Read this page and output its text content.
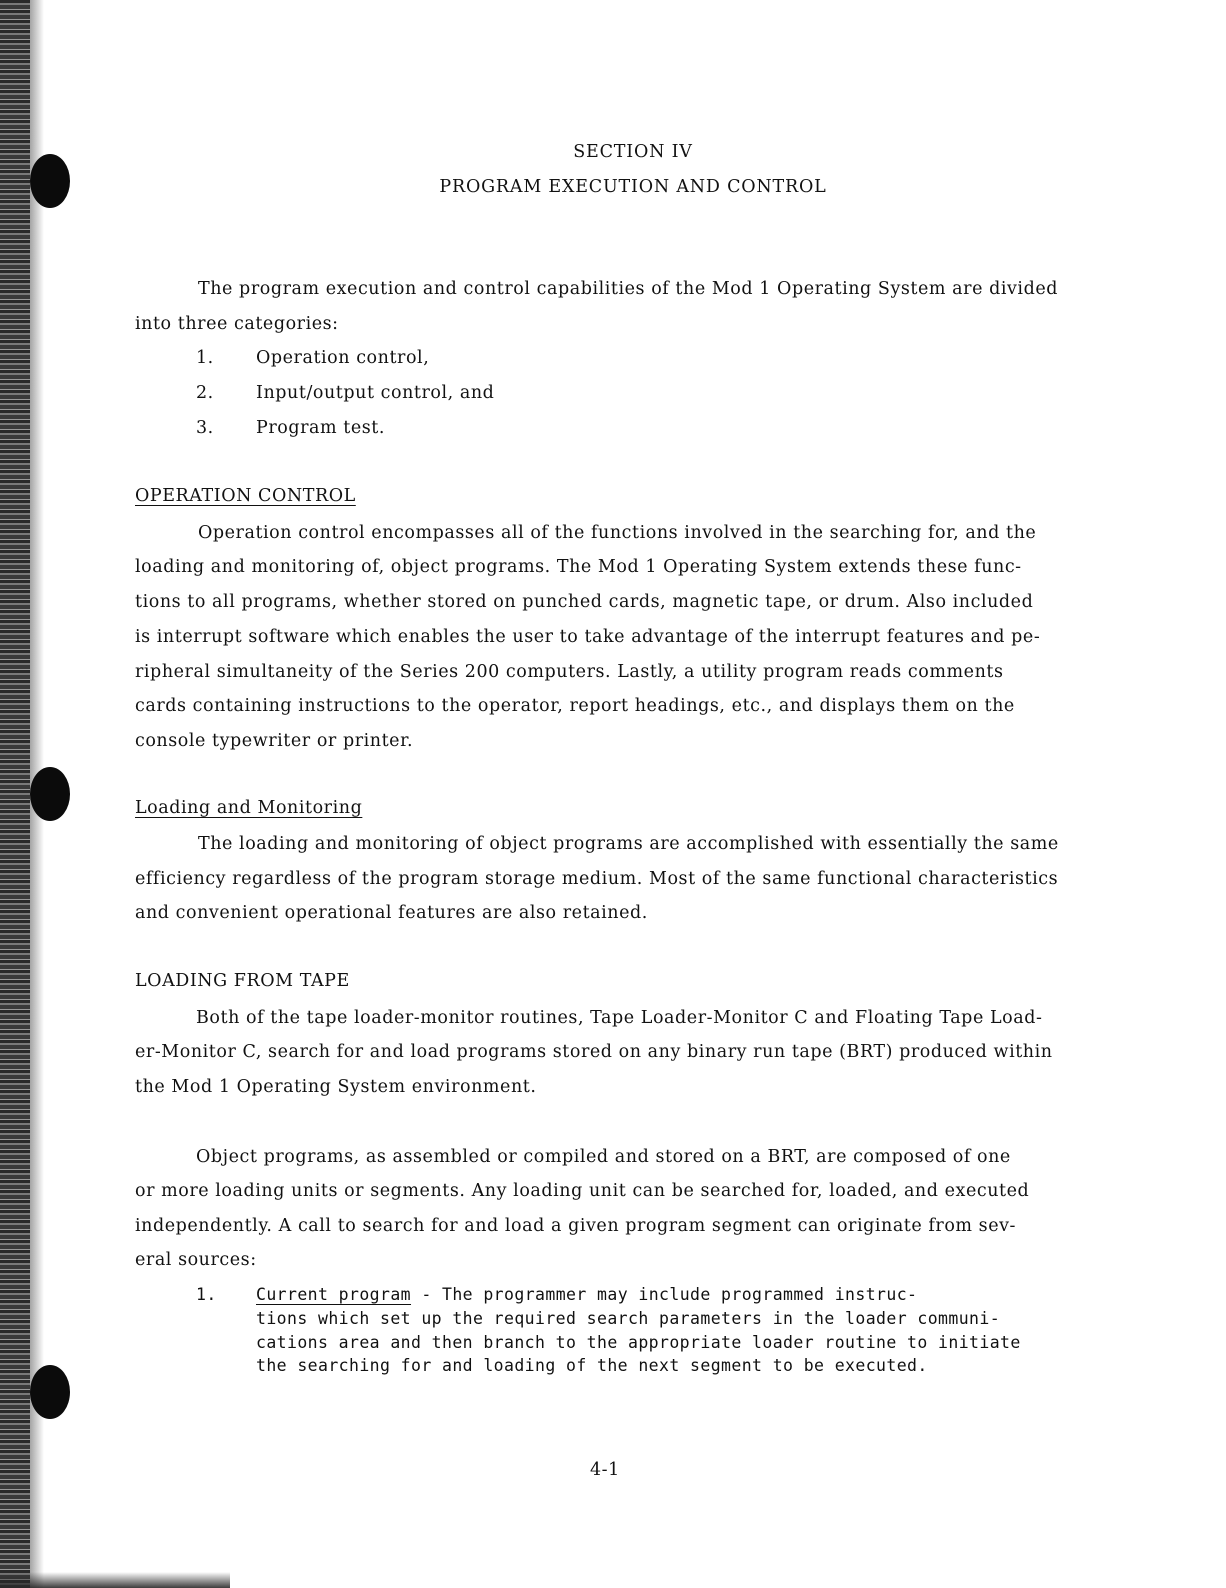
SECTION IV
PROGRAM EXECUTION AND CONTROL
The program execution and control capabilities of the Mod 1 Operating System are divided
into three categories:
1. Operation control,
2. Input/output control, and
3. Program test.
OPERATION CONTROL
Operation control encompasses all of the functions involved in the searching for, and the
loading and monitoring of, object programs. The Mod 1 Operating System extends these func-
tions to all programs, whether stored on punched cards, magnetic tape, or drum. Also included
is interrupt software which enables the user to take advantage of the interrupt features and pe-
ripheral simultaneity of the Series 200 computers. Lastly, a utility program reads comments
cards containing instructions to the operator, report headings, etc., and displays them on the
console typewriter or printer.
Loading and Monitoring
The loading and monitoring of object programs are accomplished with essentially the same
efficiency regardless of the program storage medium. Most of the same functional characteristics
and convenient operational features are also retained.
LOADING FROM TAPE
Both of the tape loader-monitor routines, Tape Loader-Monitor C and Floating Tape Load-
er-Monitor C, search for and load programs stored on any binary run tape (BRT) produced within
the Mod 1 Operating System environment.
Object programs, as assembled or compiled and stored on a BRT, are composed of one
or more loading units or segments. Any loading unit can be searched for, loaded, and executed
independently. A call to search for and load a given program segment can originate from sev-
eral sources:
1. Current program - The programmer may include programmed instruc-
tions which set up the required search parameters in the loader communi-
cations area and then branch to the appropriate loader routine to initiate
the searching for and loading of the next segment to be executed.
4-1
